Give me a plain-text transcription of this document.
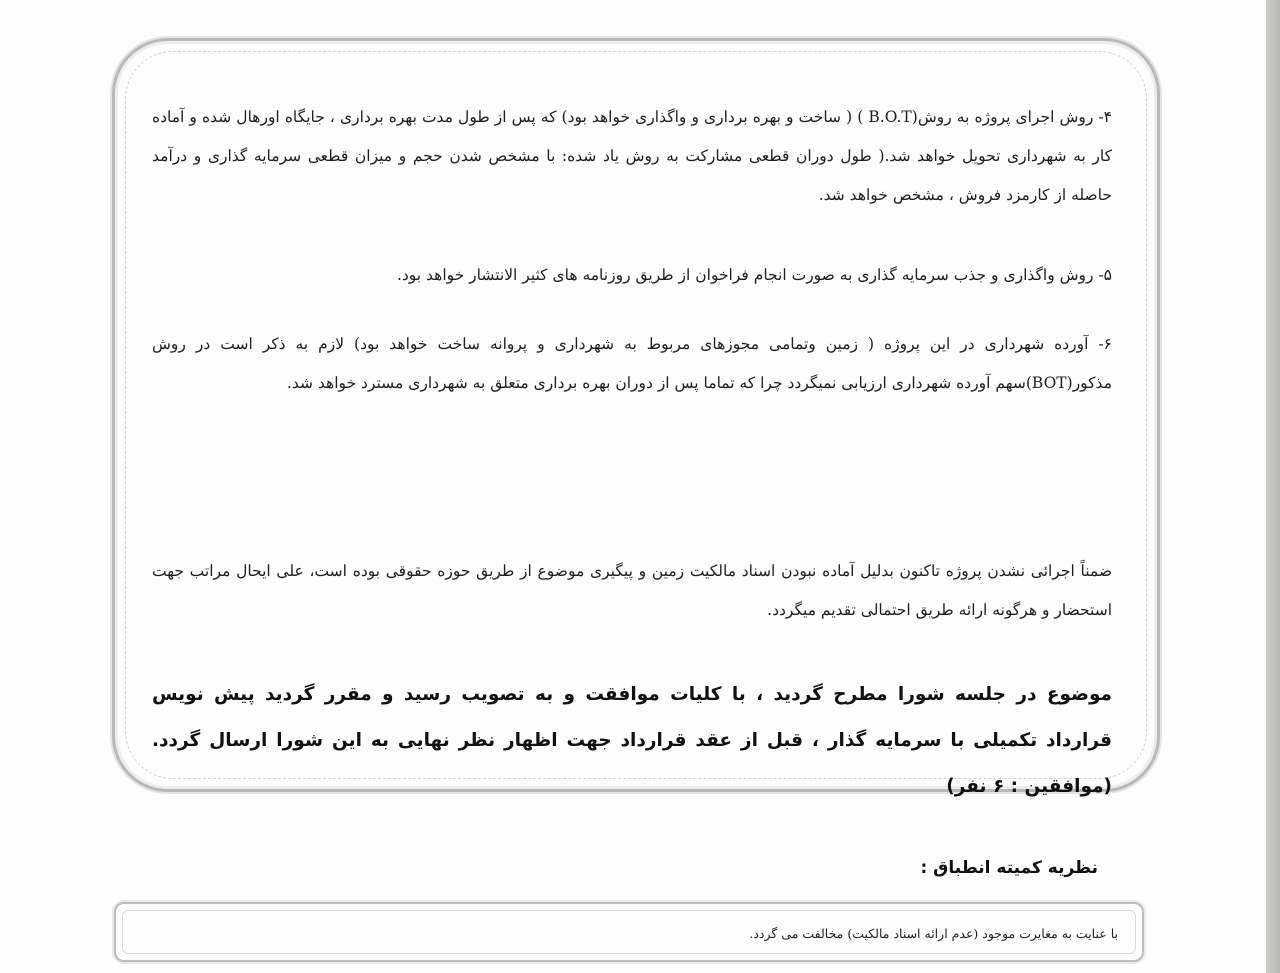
۴- روش اجرای پروژه به روش(B.O.T ) ( ساخت و بهره برداری و واگذاری خواهد بود) که پس از طول مدت بهره برداری ، جایگاه اورهال شده و آماده کار به شهرداری تحویل خواهد شد.( طول دوران قطعی مشارکت به روش یاد شده: با مشخص شدن حجم و میزان قطعی سرمایه گذاری و درآمد حاصله از کارمزد فروش ، مشخص خواهد شد.

۵- روش واگذاری و جذب سرمایه گذاری به صورت انجام فراخوان از طریق روزنامه های کثیر الانتشار خواهد بود.

۶- آورده شهرداری در این پروژه ( زمین وتمامی مجوزهای مربوط به شهرداری و پروانه ساخت خواهد بود) لازم به ذکر است در روش مذکور(BOT)سهم آورده شهرداری ارزیابی نمیگردد چرا که تماما پس از دوران بهره برداری متعلق به شهرداری مسترد خواهد شد.

ضمناً اجرائی نشدن پروژه تاکنون بدلیل آماده نبودن اسناد مالکیت زمین و پیگیری موضوع از طریق حوزه حقوقی بوده است، علی ایحال مراتب جهت استحضار و هرگونه ارائه طریق احتمالی تقدیم میگردد.

موضوع در جلسه شورا مطرح گردید ، با کلیات موافقت و به تصویب رسید و مقرر گردید پیش نویس قرارداد تکمیلی با سرمایه گذار ، قبل از عقد قرارداد جهت اظهار نظر نهایی به این شورا ارسال گردد. (موافقین : ۶ نفر)

نظریه کمیته انطباق :

با عنایت به مغایرت موجود (عدم ارائه اسناد مالکیت) مخالفت می گردد.
